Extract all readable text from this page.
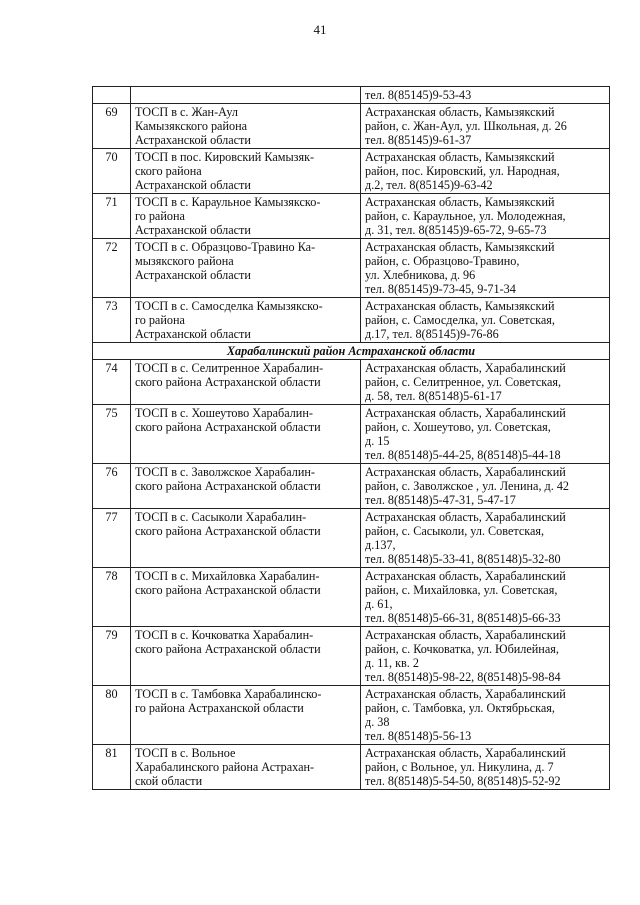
41

		тел. 8(85145)9-53-43

69	ТОСП в с. Жан-Аул
Камызякского района
Астраханской области	Астраханская область, Камызякский
район, с. Жан-Аул, ул. Школьная, д. 26
тел. 8(85145)9-61-37

70	ТОСП в пос. Кировский Камызяк-
ского района
Астраханской области	Астраханская область, Камызякский
район, пос. Кировский, ул. Народная,
д.2, тел. 8(85145)9-63-42

71	ТОСП в с. Караульное Камызякско-
го района
Астраханской области	Астраханская область, Камызякский
район, с. Караульное, ул. Молодежная,
д. 31, тел. 8(85145)9-65-72, 9-65-73

72	ТОСП в с. Образцово-Травино Ка-
мызякского района
Астраханской области	Астраханская область, Камызякский
район, с. Образцово-Травино,
ул. Хлебникова, д. 96
тел. 8(85145)9-73-45, 9-71-34

73	ТОСП в с. Самосделка Камызякско-
го района
Астраханской области	Астраханская область, Камызякский
район, с. Самосделка, ул. Советская,
д.17, тел. 8(85145)9-76-86

Харабалинский район Астраханской области		
74	ТОСП в с. Селитренное Харабалин-
ского района Астраханской области	Астраханская область, Харабалинский
район, с. Селитренное, ул. Советская,
д. 58, тел. 8(85148)5-61-17

75	ТОСП в с. Хошеутово Харабалин-
ского района Астраханской области	Астраханская область, Харабалинский
район, с. Хошеутово, ул. Советская,
д. 15
тел. 8(85148)5-44-25, 8(85148)5-44-18

76	ТОСП в с. Заволжское Харабалин-
ского района Астраханской области	Астраханская область, Харабалинский
район, с. Заволжское , ул. Ленина, д. 42
тел. 8(85148)5-47-31, 5-47-17

77	ТОСП в с. Сасыколи Харабалин-
ского района Астраханской области	Астраханская область, Харабалинский
район, с. Сасыколи, ул. Советская,
д.137,
тел. 8(85148)5-33-41, 8(85148)5-32-80

78	ТОСП в с. Михайловка Харабалин-
ского района Астраханской области	Астраханская область, Харабалинский
район, с. Михайловка, ул. Советская,
д. 61,
тел. 8(85148)5-66-31, 8(85148)5-66-33

79	ТОСП в с. Кочковатка Харабалин-
ского района Астраханской области	Астраханская область, Харабалинский
район, с. Кочковатка, ул. Юбилейная,
д. 11, кв. 2
тел. 8(85148)5-98-22, 8(85148)5-98-84

80	ТОСП в с. Тамбовка Харабалинско-
го района Астраханской области	Астраханская область, Харабалинский
район, с. Тамбовка, ул. Октябрьская,
д. 38
тел. 8(85148)5-56-13

81	ТОСП в с. Вольное
Харабалинского района Астрахан-
ской области	Астраханская область, Харабалинский
район, с Вольное, ул. Никулина, д. 7
тел. 8(85148)5-54-50, 8(85148)5-52-92
